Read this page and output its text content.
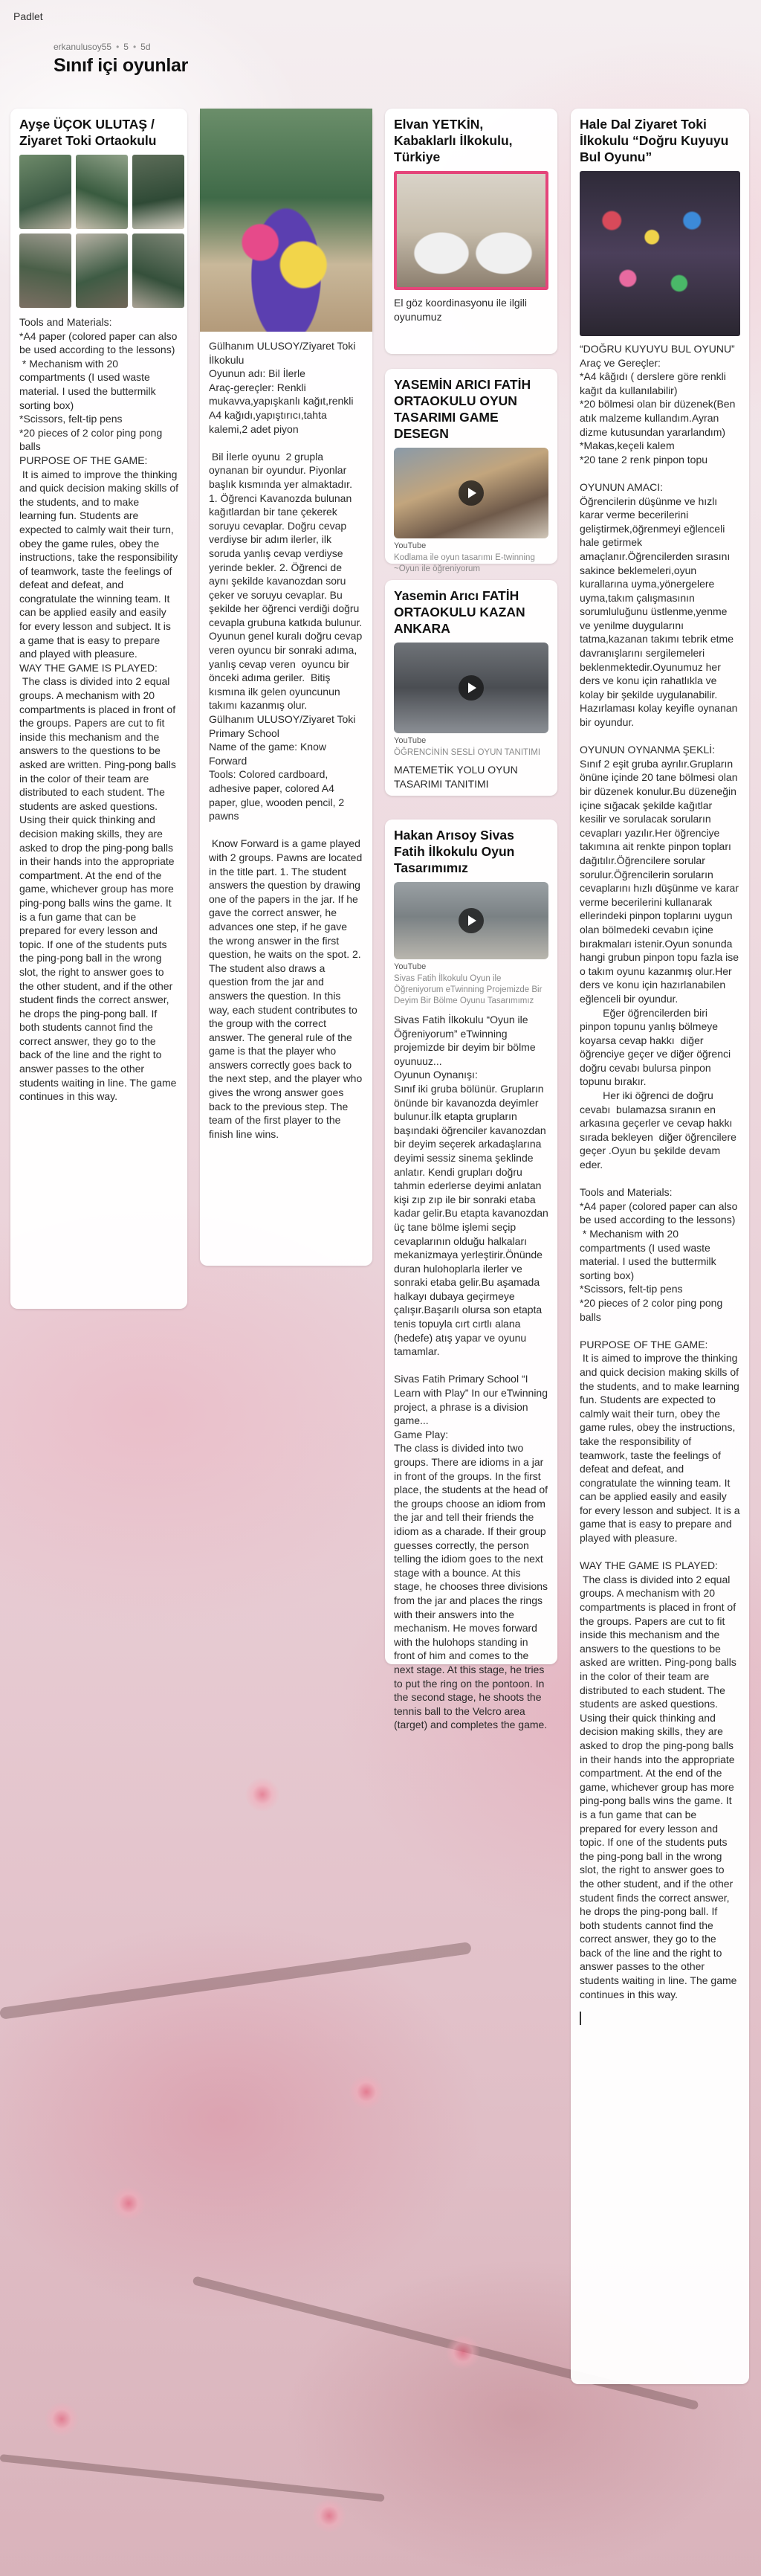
Padlet
erkanulusoy55 • 5 • 5d
Sınıf içi oyunlar
Ayşe ÜÇOK ULUTAŞ / Ziyaret Toki Ortaokulu
Tools and Materials:
*A4 paper (colored paper can also be used according to the lessons)
* Mechanism with 20 compartments (I used waste material. I used the buttermilk sorting box)
*Scissors, felt-tip pens
*20 pieces of 2 color ping pong balls
PURPOSE OF THE GAME:
It is aimed to improve the thinking and quick decision making skills of the students, and to make learning fun. Students are expected to calmly wait their turn, obey the game rules, obey the instructions, take the responsibility of teamwork, taste the feelings of defeat and defeat, and congratulate the winning team. It can be applied easily and easily for every lesson and subject. It is a game that is easy to prepare and played with pleasure.
WAY THE GAME IS PLAYED:
The class is divided into 2 equal groups. A mechanism with 20 compartments is placed in front of the groups. Papers are cut to fit inside this mechanism and the answers to the questions to be asked are written. Ping-pong balls in the color of their team are distributed to each student. The students are asked questions. Using their quick thinking and decision making skills, they are asked to drop the ping-pong balls in their hands into the appropriate compartment. At the end of the game, whichever group has more ping-pong balls wins the game. It is a fun game that can be prepared for every lesson and topic. If one of the students puts the ping-pong ball in the wrong slot, the right to answer goes to the other student, and if the other student finds the correct answer, he drops the ping-pong ball. If both students cannot find the correct answer, they go to the back of the line and the right to answer passes to the other students waiting in line. The game continues in this way.
Gülhanım ULUSOY/Ziyaret Toki İlkokulu
Oyunun adı: Bil İlerle
Araç-gereçler: Renkli mukavva,yapışkanlı kağıt,renkli A4 kağıdı,yapıştırıcı,tahta kalemi,2 adet piyon

Bil İlerle oyunu  2 grupla oynanan bir oyundur. Piyonlar başlık kısmında yer almaktadır. 1. Öğrenci Kavanozda bulunan kağıtlardan bir tane çekerek soruyu cevaplar. Doğru cevap verdiyse bir adım ilerler, ilk soruda yanlış cevap verdiyse yerinde bekler. 2. Öğrenci de aynı şekilde kavanozdan soru çeker ve soruyu cevaplar. Bu şekilde her öğrenci verdiği doğru cevapla grubuna katkıda bulunur. Oyunun genel kuralı doğru cevap veren oyuncu bir sonraki adıma, yanlış cevap veren  oyuncu bir önceki adıma geriler.  Bitiş kısmına ilk gelen oyuncunun takımı kazanmış olur.
Gülhanım ULUSOY/Ziyaret Toki Primary School
Name of the game: Know Forward
Tools: Colored cardboard, adhesive paper, colored A4 paper, glue, wooden pencil, 2 pawns

Know Forward is a game played with 2 groups. Pawns are located in the title part. 1. The student answers the question by drawing one of the papers in the jar. If he gave the correct answer, he advances one step, if he gave the wrong answer in the first question, he waits on the spot. 2. The student also draws a question from the jar and answers the question. In this way, each student contributes to the group with the correct answer. The general rule of the game is that the player who answers correctly goes back to the next step, and the player who gives the wrong answer goes back to the previous step. The team of the first player to the finish line wins.
Elvan YETKİN, Kabaklarlı İlkokulu, Türkiye
El göz koordinasyonu ile ilgili oyunumuz
YASEMİN ARICI FATİH ORTAOKULU OYUN TASARIMI GAME DESEGN
YouTube
Kodlama ile oyun tasarımı E-twinning ~Oyun ile öğreniyorum
Yasemin Arıcı FATİH ORTAOKULU KAZAN ANKARA
YouTube
ÖĞRENCİNİN SESLİ OYUN TANITIMI
MATEMETİK YOLU OYUN TASARIMI TANITIMI
Hakan Arısoy Sivas Fatih İlkokulu Oyun Tasarımımız
YouTube
Sivas Fatih İlkokulu Oyun ile Öğreniyorum eTwinning Projemizde Bir Deyim Bir Bölme Oyunu Tasarımımız
Sivas Fatih İlkokulu “Oyun ile Öğreniyorum” eTwinning projemizde bir deyim bir bölme oyunuuz...
Oyunun Oynanışı:
Sınıf iki gruba bölünür. Grupların önünde bir kavanozda deyimler bulunur.İlk etapta grupların başındaki öğrenciler kavanozdan bir deyim seçerek arkadaşlarına deyimi sessiz sinema şeklinde anlatır. Kendi grupları doğru tahmin ederlerse deyimi anlatan kişi zıp zıp ile bir sonraki etaba kadar gelir.Bu etapta kavanozdan üç tane bölme işlemi seçip cevaplarının olduğu halkaları mekanizmaya yerleştirir.Önünde duran hulohoplarla ilerler ve sonraki etaba gelir.Bu aşamada halkayı dubaya geçirmeye çalışır.Başarılı olursa son etapta tenis topuyla cırt cırtlı alana (hedefe) atış yapar ve oyunu tamamlar.

Sivas Fatih Primary School “I Learn with Play” In our eTwinning project, a phrase is a division game...
Game Play:
The class is divided into two groups. There are idioms in a jar in front of the groups. In the first place, the students at the head of the groups choose an idiom from the jar and tell their friends the idiom as a charade. If their group guesses correctly, the person telling the idiom goes to the next stage with a bounce. At this stage, he chooses three divisions from the jar and places the rings with their answers into the mechanism. He moves forward with the hulohops standing in front of him and comes to the next stage. At this stage, he tries to put the ring on the pontoon. In the second stage, he shoots the tennis ball to the Velcro area (target) and completes the game.
Hale Dal Ziyaret Toki İlkokulu “Doğru Kuyuyu Bul Oyunu”
“DOĞRU KUYUYU BUL OYUNU”
Araç ve Gereçler:
*A4 kâğıdı ( derslere göre renkli kağıt da kullanılabilir)
*20 bölmesi olan bir düzenek(Ben atık malzeme kullandım.Ayran dizme kutusundan yararlandım)
*Makas,keçeli kalem
*20 tane 2 renk pinpon topu

OYUNUN AMACI:
Öğrencilerin düşünme ve hızlı karar verme becerilerini geliştirmek,öğrenmeyi eğlenceli hale getirmek amaçlanır.Öğrencilerden sırasını sakince beklemeleri,oyun kurallarına uyma,yönergelere uyma,takım çalışmasının sorumluluğunu üstlenme,yenme ve yenilme duygularını tatma,kazanan takımı tebrik etme davranışlarını sergilemeleri beklenmektedir.Oyunumuz her ders ve konu için rahatlıkla ve kolay bir şekilde uygulanabilir. Hazırlaması kolay keyifle oynanan bir oyundur.

OYUNUN OYNANMA ŞEKLİ:
Sınıf 2 eşit gruba ayrılır.Grupların önüne içinde 20 tane bölmesi olan bir düzenek konulur.Bu düzeneğin içine sığacak şekilde kağıtlar kesilir ve sorulacak soruların cevapları yazılır.Her öğrenciye takımına ait renkte pinpon topları dağıtılır.Öğrencilere sorular sorulur.Öğrencilerin soruların cevaplarını hızlı düşünme ve karar verme becerilerini kullanarak ellerindeki pinpon toplarını uygun olan bölmedeki cevabın içine bırakmaları istenir.Oyun sonunda hangi grubun pinpon topu fazla ise o takım oyunu kazanmış olur.Her ders ve konu için hazırlanabilen eğlenceli bir oyundur.
Eğer öğrencilerden biri pinpon topunu yanlış bölmeye koyarsa cevap hakkı  diğer öğrenciye geçer ve diğer öğrenci  doğru cevabı bulursa pinpon topunu bırakır.
Her iki öğrenci de doğru cevabı  bulamazsa sıranın en arkasına geçerler ve cevap hakkı sırada bekleyen  diğer öğrencilere geçer .Oyun bu şekilde devam eder.

Tools and Materials:
*A4 paper (colored paper can also be used according to the lessons)
* Mechanism with 20 compartments (I used waste material. I used the buttermilk sorting box)
*Scissors, felt-tip pens
*20 pieces of 2 color ping pong balls

PURPOSE OF THE GAME:
It is aimed to improve the thinking and quick decision making skills of the students, and to make learning fun. Students are expected to calmly wait their turn, obey the game rules, obey the instructions, take the responsibility of teamwork, taste the feelings of defeat and defeat, and congratulate the winning team. It can be applied easily and easily for every lesson and subject. It is a game that is easy to prepare and played with pleasure.

WAY THE GAME IS PLAYED:
The class is divided into 2 equal groups. A mechanism with 20 compartments is placed in front of the groups. Papers are cut to fit inside this mechanism and the answers to the questions to be asked are written. Ping-pong balls in the color of their team are distributed to each student. The students are asked questions. Using their quick thinking and decision making skills, they are asked to drop the ping-pong balls in their hands into the appropriate compartment. At the end of the game, whichever group has more ping-pong balls wins the game. It is a fun game that can be prepared for every lesson and topic. If one of the students puts the ping-pong ball in the wrong slot, the right to answer goes to the other student, and if the other student finds the correct answer, he drops the ping-pong ball. If both students cannot find the correct answer, they go to the back of the line and the right to answer passes to the other students waiting in line. The game continues in this way.
